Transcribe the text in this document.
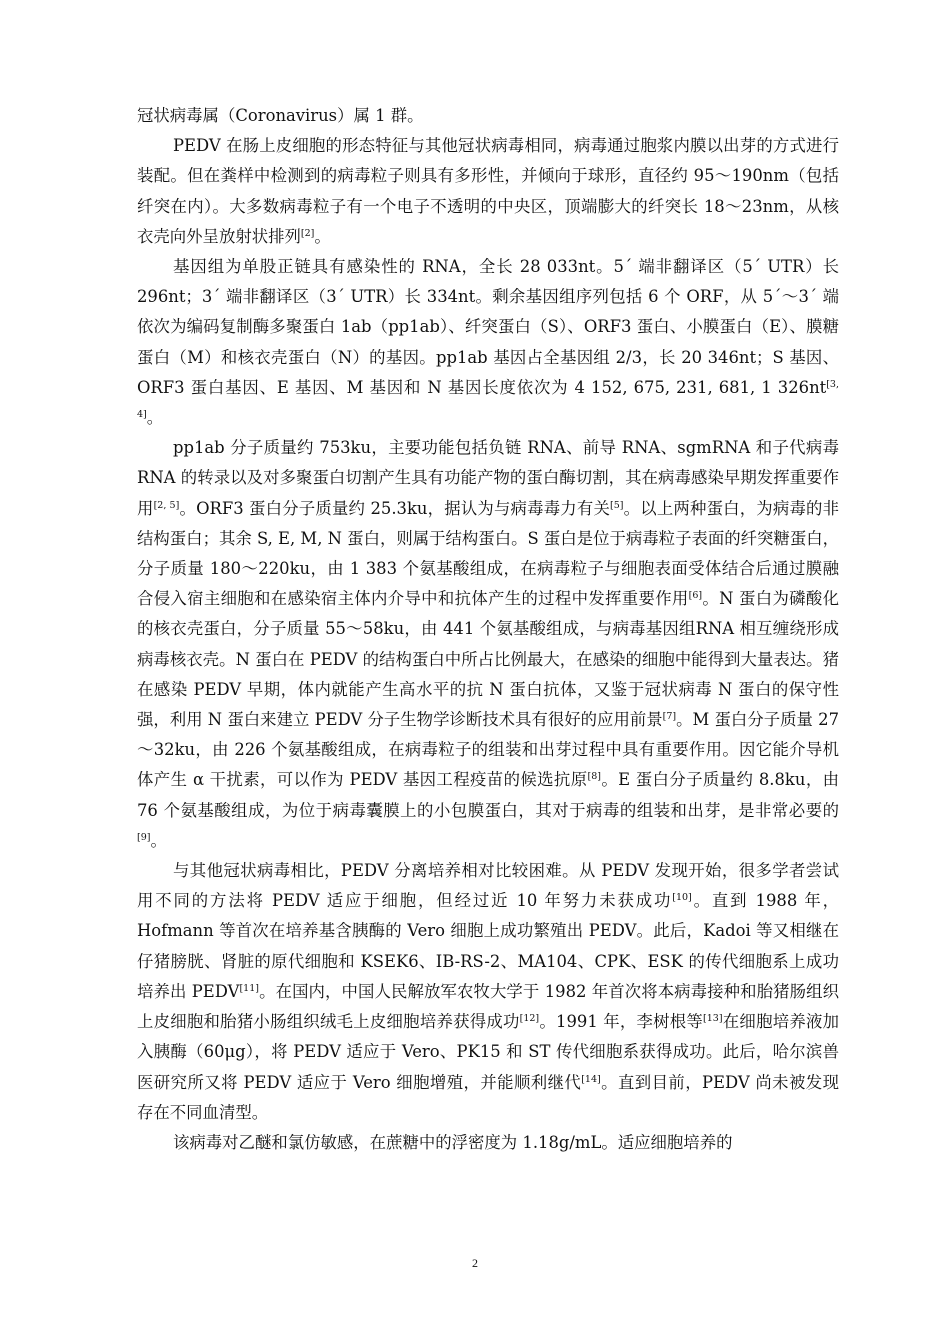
冠状病毒属（Coronavirus）属 1 群。

PEDV 在肠上皮细胞的形态特征与其他冠状病毒相同，病毒通过胞浆内膜以出芽的方式进行装配。但在粪样中检测到的病毒粒子则具有多形性，并倾向于球形，直径约 95～190nm（包括纤突在内）。大多数病毒粒子有一个电子不透明的中央区，顶端膨大的纤突长 18～23nm，从核衣壳向外呈放射状排列[2]。

基因组为单股正链具有感染性的 RNA，全长 28 033nt。5´ 端非翻译区（5´ UTR）长 296nt；3´ 端非翻译区（3´ UTR）长 334nt。剩余基因组序列包括 6 个 ORF，从 5´～3´ 端依次为编码复制酶多聚蛋白 1ab（pp1ab）、纤突蛋白（S）、ORF3 蛋白、小膜蛋白（E）、膜糖蛋白（M）和核衣壳蛋白（N）的基因。pp1ab 基因占全基因组 2/3，长 20 346nt；S 基因、ORF3 蛋白基因、E 基因、M 基因和 N 基因长度依次为 4 152, 675, 231, 681, 1 326nt[3, 4]。

pp1ab 分子质量约 753ku，主要功能包括负链 RNA、前导 RNA、sgmRNA 和子代病毒 RNA 的转录以及对多聚蛋白切割产生具有功能产物的蛋白酶切割，其在病毒感染早期发挥重要作用[2, 5]。ORF3 蛋白分子质量约 25.3ku，据认为与病毒毒力有关[5]。以上两种蛋白，为病毒的非结构蛋白；其余 S, E, M, N 蛋白，则属于结构蛋白。S 蛋白是位于病毒粒子表面的纤突糖蛋白，分子质量 180～220ku，由 1 383 个氨基酸组成，在病毒粒子与细胞表面受体结合后通过膜融合侵入宿主细胞和在感染宿主体内介导中和抗体产生的过程中发挥重要作用[6]。N 蛋白为磷酸化的核衣壳蛋白，分子质量 55～58ku，由 441 个氨基酸组成，与病毒基因组RNA 相互缠绕形成病毒核衣壳。N 蛋白在 PEDV 的结构蛋白中所占比例最大，在感染的细胞中能得到大量表达。猪在感染 PEDV 早期，体内就能产生高水平的抗 N 蛋白抗体，又鉴于冠状病毒 N 蛋白的保守性强，利用 N 蛋白来建立 PEDV 分子生物学诊断技术具有很好的应用前景[7]。M 蛋白分子质量 27～32ku，由 226 个氨基酸组成，在病毒粒子的组装和出芽过程中具有重要作用。因它能介导机体产生 α 干扰素，可以作为 PEDV 基因工程疫苗的候选抗原[8]。E 蛋白分子质量约 8.8ku，由 76 个氨基酸组成，为位于病毒囊膜上的小包膜蛋白，其对于病毒的组装和出芽，是非常必要的[9]。

与其他冠状病毒相比，PEDV 分离培养相对比较困难。从 PEDV 发现开始，很多学者尝试用不同的方法将 PEDV 适应于细胞，但经过近 10 年努力未获成功[10]。直到 1988 年，Hofmann 等首次在培养基含胰酶的 Vero 细胞上成功繁殖出 PEDV。此后，Kadoi 等又相继在仔猪膀胱、肾脏的原代细胞和 KSEK6、IB-RS-2、MA104、CPK、ESK 的传代细胞系上成功培养出 PEDV[11]。在国内，中国人民解放军农牧大学于 1982 年首次将本病毒接种和胎猪肠组织上皮细胞和胎猪小肠组织绒毛上皮细胞培养获得成功[12]。1991 年，李树根等[13]在细胞培养液加入胰酶（60μg），将 PEDV 适应于 Vero、PK15 和 ST 传代细胞系获得成功。此后，哈尔滨兽医研究所又将 PEDV 适应于 Vero 细胞增殖，并能顺利继代[14]。直到目前，PEDV 尚未被发现存在不同血清型。

该病毒对乙醚和氯仿敏感，在蔗糖中的浮密度为 1.18g/mL。适应细胞培养的

2
